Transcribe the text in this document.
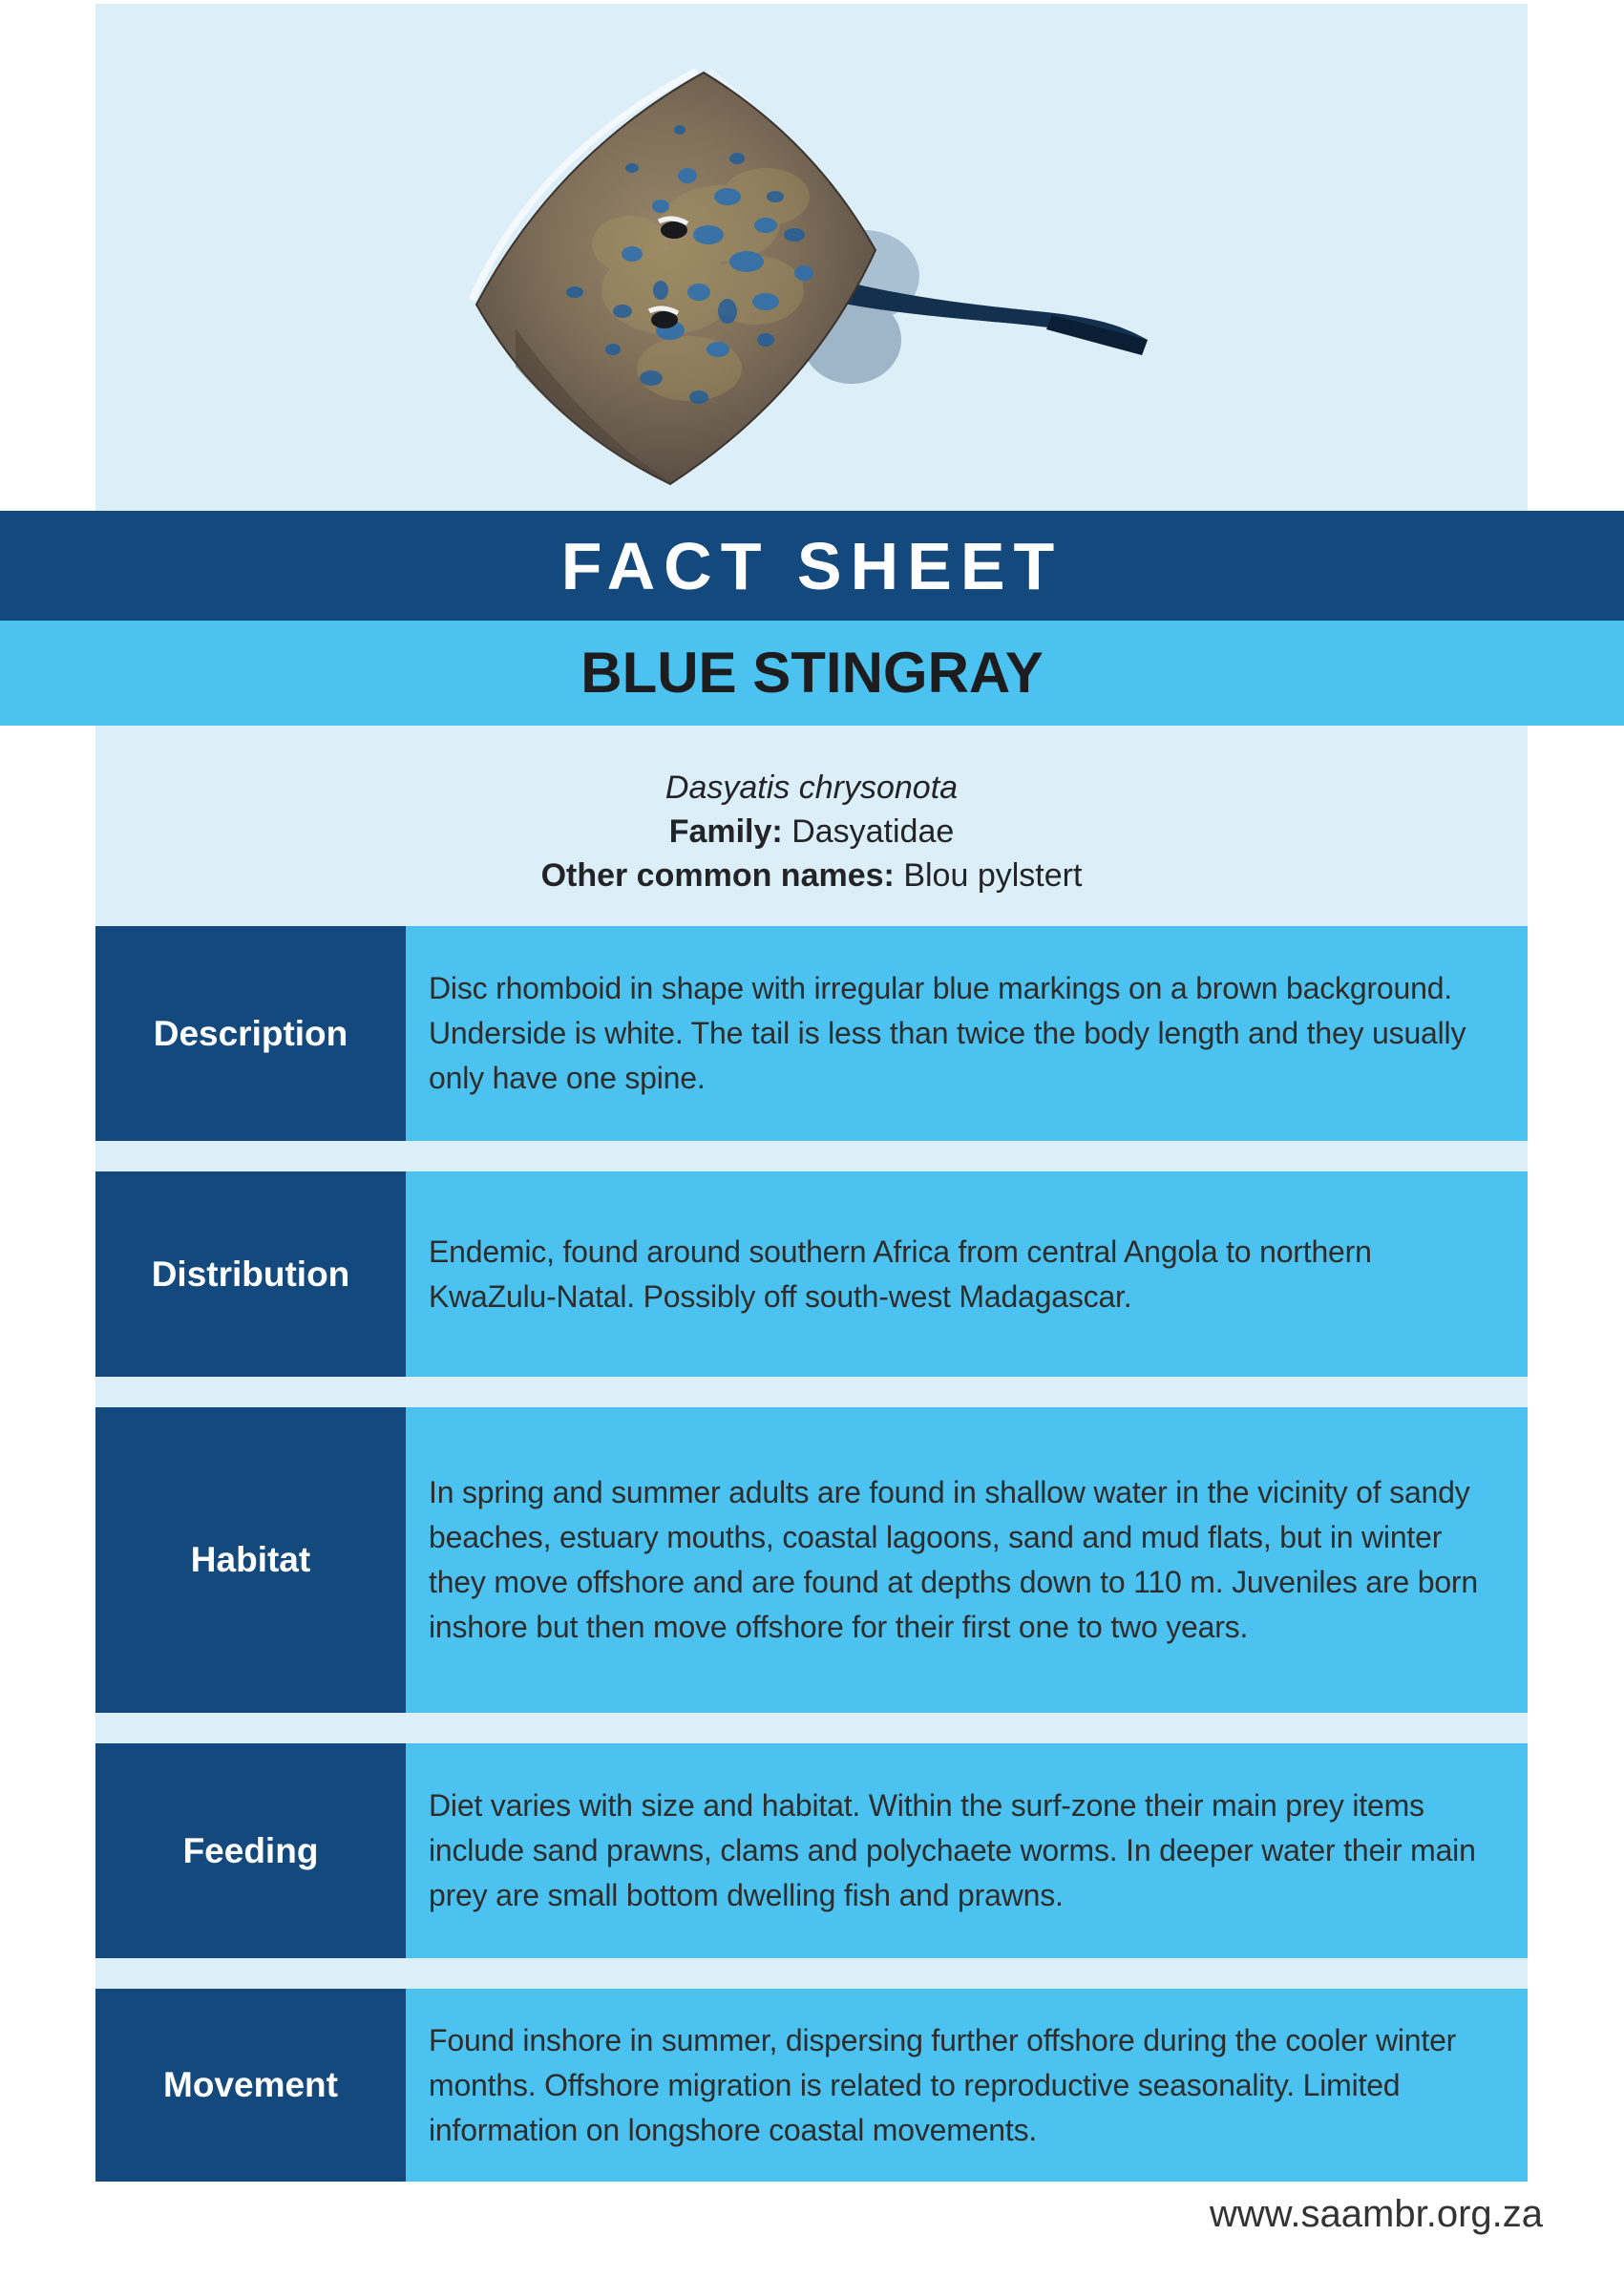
FACT SHEET
BLUE STINGRAY
Dasyatis chrysonota
Family: Dasyatidae
Other common names: Blou pylstert
Description
Disc rhomboid in shape with irregular blue markings on a brown background. Underside is white. The tail is less than twice the body length and they usually only have one spine.
Distribution
Endemic, found around southern Africa from central Angola to northern KwaZulu-Natal. Possibly off south-west Madagascar.
Habitat
In spring and summer adults are found in shallow water in the vicinity of sandy beaches, estuary mouths, coastal lagoons, sand and mud flats, but in winter they move offshore and are found at depths down to 110 m. Juveniles are born inshore but then move offshore for their first one to two years.
Feeding
Diet varies with size and habitat. Within the surf-zone their main prey items include sand prawns, clams and polychaete worms. In deeper water their main prey are small bottom dwelling fish and prawns.
Movement
Found inshore in summer, dispersing further offshore during the cooler winter months. Offshore migration is related to reproductive seasonality. Limited information on longshore coastal movements.
www.saambr.org.za
